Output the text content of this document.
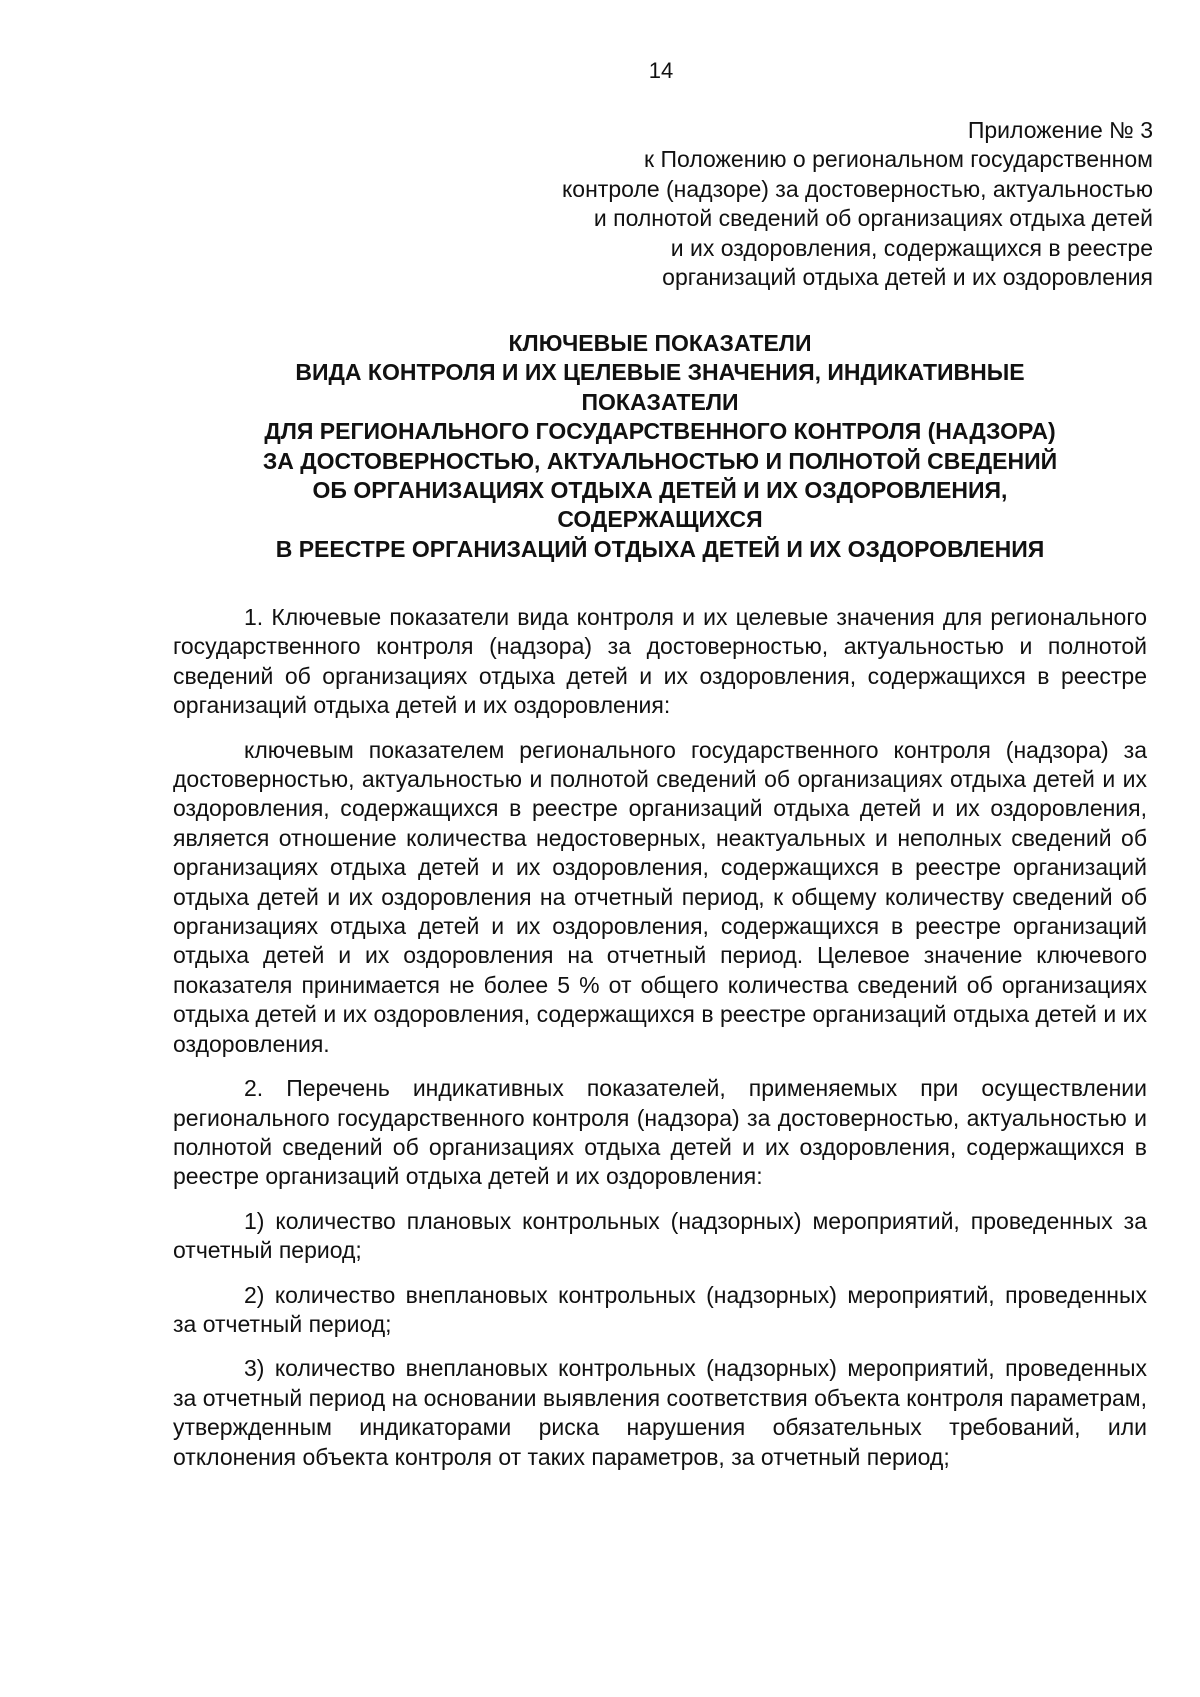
14
Приложение № 3
к Положению о региональном государственном
контроле (надзоре) за достоверностью, актуальностью
и полнотой сведений об организациях отдыха детей
и их оздоровления, содержащихся в реестре
организаций отдыха детей и их оздоровления
КЛЮЧЕВЫЕ ПОКАЗАТЕЛИ
ВИДА КОНТРОЛЯ И ИХ ЦЕЛЕВЫЕ ЗНАЧЕНИЯ, ИНДИКАТИВНЫЕ
ПОКАЗАТЕЛИ
ДЛЯ РЕГИОНАЛЬНОГО ГОСУДАРСТВЕННОГО КОНТРОЛЯ (НАДЗОРА)
ЗА ДОСТОВЕРНОСТЬЮ, АКТУАЛЬНОСТЬЮ И ПОЛНОТОЙ СВЕДЕНИЙ
ОБ ОРГАНИЗАЦИЯХ ОТДЫХА ДЕТЕЙ И ИХ ОЗДОРОВЛЕНИЯ,
СОДЕРЖАЩИХСЯ
В РЕЕСТРЕ ОРГАНИЗАЦИЙ ОТДЫХА ДЕТЕЙ И ИХ ОЗДОРОВЛЕНИЯ

1. Ключевые показатели вида контроля и их целевые значения для регионального государственного контроля (надзора) за достоверностью, актуальностью и полнотой сведений об организациях отдыха детей и их оздоровления, содержащихся в реестре организаций отдыха детей и их оздоровления:

ключевым показателем регионального государственного контроля (надзора) за достоверностью, актуальностью и полнотой сведений об организациях отдыха детей и их оздоровления, содержащихся в реестре организаций отдыха детей и их оздоровления, является отношение количества недостоверных, неактуальных и неполных сведений об организациях отдыха детей и их оздоровления, содержащихся в реестре организаций отдыха детей и их оздоровления на отчетный период, к общему количеству сведений об организациях отдыха детей и их оздоровления, содержащихся в реестре организаций отдыха детей и их оздоровления на отчетный период. Целевое значение ключевого показателя принимается не более 5 % от общего количества сведений об организациях отдыха детей и их оздоровления, содержащихся в реестре организаций отдыха детей и их оздоровления.

2. Перечень индикативных показателей, применяемых при осуществлении регионального государственного контроля (надзора) за достоверностью, актуальностью и полнотой сведений об организациях отдыха детей и их оздоровления, содержащихся в реестре организаций отдыха детей и их оздоровления:

1) количество плановых контрольных (надзорных) мероприятий, проведенных за отчетный период;

2) количество внеплановых контрольных (надзорных) мероприятий, проведенных за отчетный период;

3) количество внеплановых контрольных (надзорных) мероприятий, проведенных за отчетный период на основании выявления соответствия объекта контроля параметрам, утвержденным индикаторами риска нарушения обязательных требований, или отклонения объекта контроля от таких параметров, за отчетный период;
